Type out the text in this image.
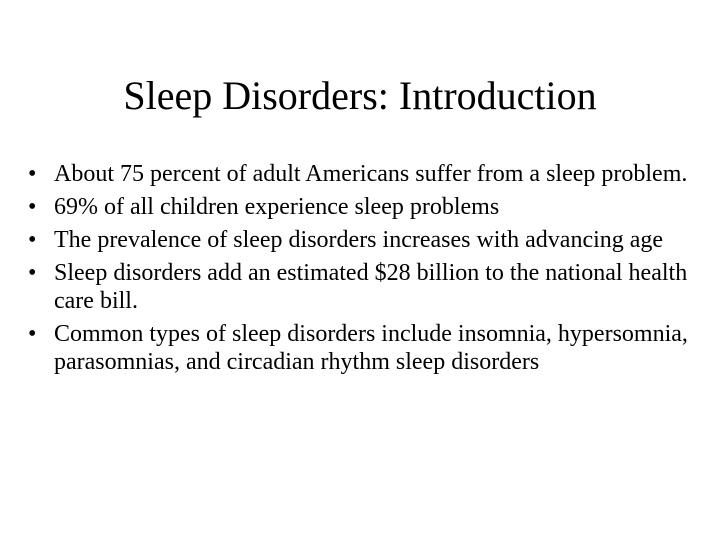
Sleep Disorders: Introduction
• About 75 percent of adult Americans suffer from a sleep problem.
• 69% of all children experience sleep problems
• The prevalence of sleep disorders increases with advancing age
• Sleep disorders add an estimated $28 billion to the national health care bill.
• Common types of sleep disorders include insomnia, hypersomnia, parasomnias, and circadian rhythm sleep disorders
